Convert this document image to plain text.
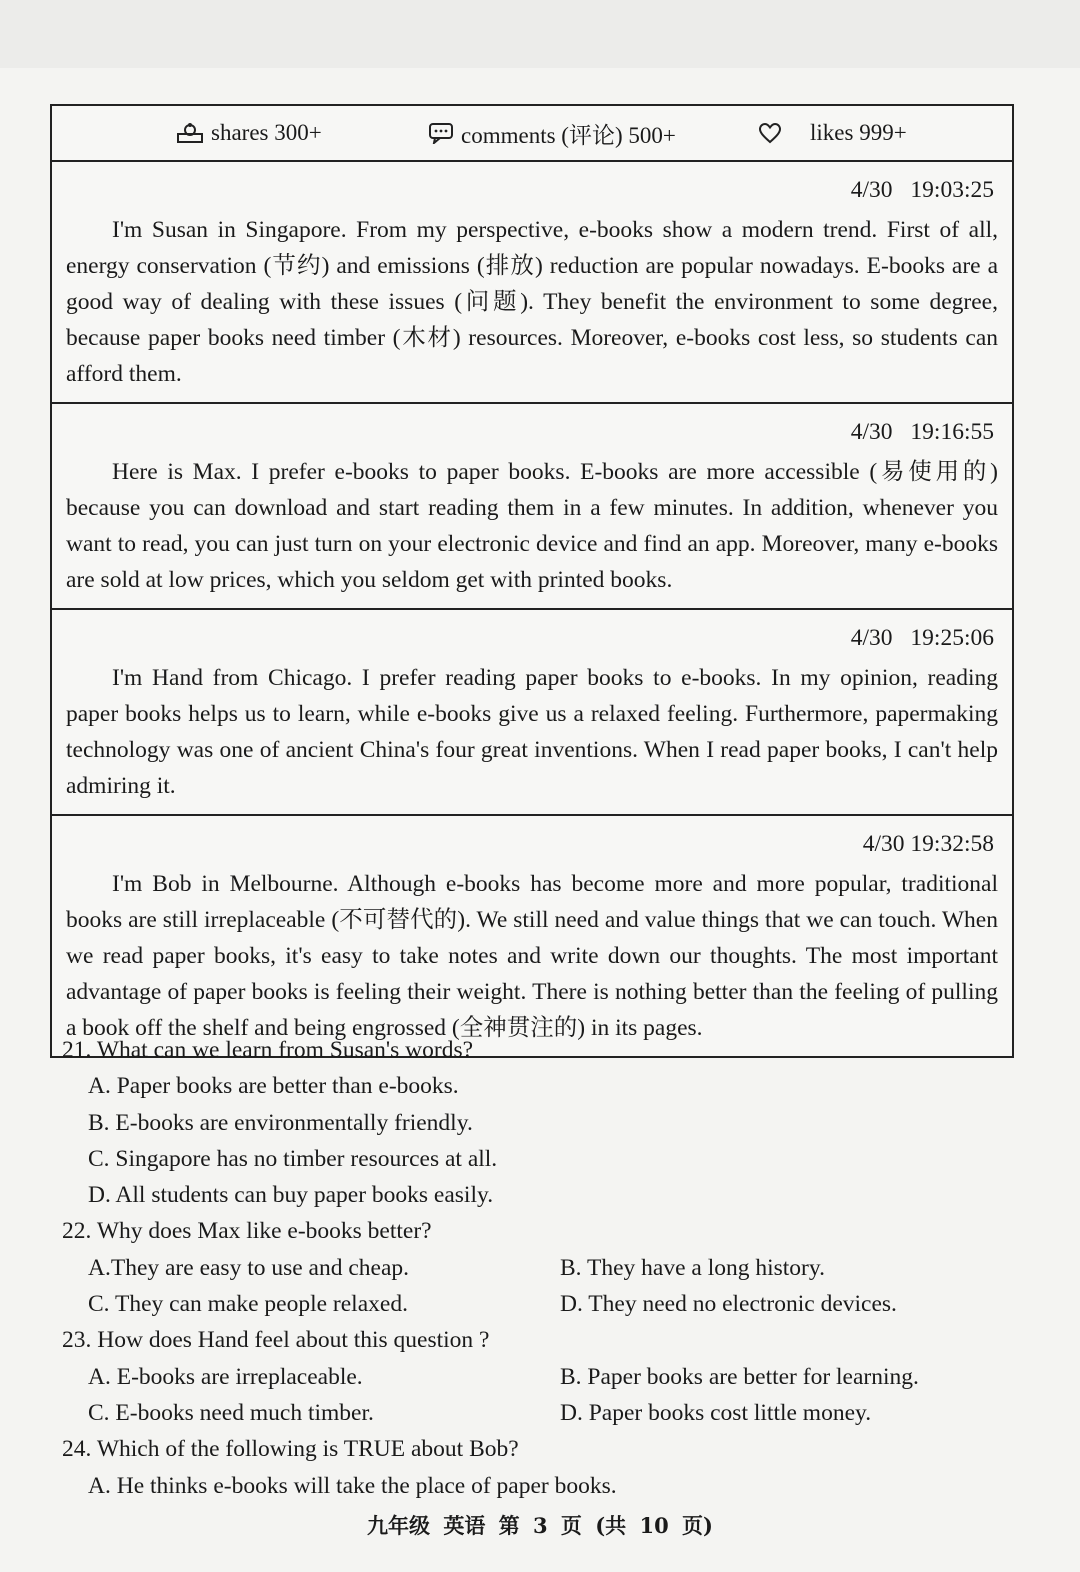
shares 300+	comments (评论) 500+	likes 999+
4/30 19:03:25
I'm Susan in Singapore. From my perspective, e-books show a modern trend. First of all, energy conservation (节约) and emissions (排放) reduction are popular nowadays. E-books are a good way of dealing with these issues (问题). They benefit the environment to some degree, because paper books need timber (木材) resources. Moreover, e-books cost less, so students can afford them.
4/30 19:16:55
Here is Max. I prefer e-books to paper books. E-books are more accessible (易使用的) because you can download and start reading them in a few minutes. In addition, whenever you want to read, you can just turn on your electronic device and find an app. Moreover, many e-books are sold at low prices, which you seldom get with printed books.
4/30 19:25:06
I'm Hand from Chicago. I prefer reading paper books to e-books. In my opinion, reading paper books helps us to learn, while e-books give us a relaxed feeling. Furthermore, papermaking technology was one of ancient China's four great inventions. When I read paper books, I can't help admiring it.
4/30 19:32:58
I'm Bob in Melbourne. Although e-books has become more and more popular, traditional books are still irreplaceable (不可替代的). We still need and value things that we can touch. When we read paper books, it's easy to take notes and write down our thoughts. The most important advantage of paper books is feeling their weight. There is nothing better than the feeling of pulling a book off the shelf and being engrossed (全神贯注的) in its pages.
21. What can we learn from Susan's words?
A. Paper books are better than e-books.
B. E-books are environmentally friendly.
C. Singapore has no timber resources at all.
D. All students can buy paper books easily.
22. Why does Max like e-books better?
A.They are easy to use and cheap.	B. They have a long history.
C. They can make people relaxed.	D. They need no electronic devices.
23. How does Hand feel about this question ?
A. E-books are irreplaceable.	B. Paper books are better for learning.
C. E-books need much timber.	D. Paper books cost little money.
24. Which of the following is TRUE about Bob?
A. He thinks e-books will take the place of paper books.
九年级 英语 第 3 页 (共 10 页)
